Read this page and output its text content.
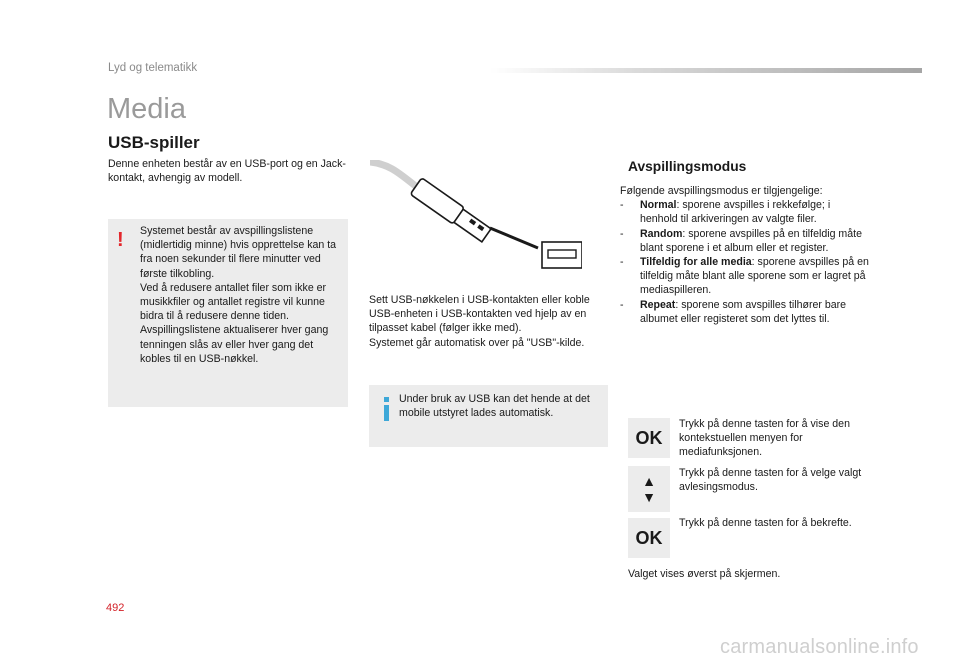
Lyd og telematikk
Media
USB-spiller
Denne enheten består av en USB-port og en Jack-kontakt, avhengig av modell.
! Systemet består av avspillingslistene (midlertidig minne) hvis opprettelse kan ta fra noen sekunder til flere minutter ved første tilkobling.
Ved å redusere antallet filer som ikke er musikkfiler og antallet registre vil kunne bidra til å redusere denne tiden.
Avspillingslistene aktualiserer hver gang tenningen slås av eller hver gang det kobles til en USB-nøkkel.
Sett USB-nøkkelen i USB-kontakten eller koble USB-enheten i USB-kontakten ved hjelp av en tilpasset kabel (følger ikke med).
Systemet går automatisk over på "USB"-kilde.
Under bruk av USB kan det hende at det mobile utstyret lades automatisk.
Avspillingsmodus
Følgende avspillingsmodus er tilgjengelige:
-	Normal: sporene avspilles i rekkefølge; i henhold til arkiveringen av valgte filer.
-	Random: sporene avspilles på en tilfeldig måte blant sporene i et album eller et register.
-	Tilfeldig for alle media: sporene avspilles på en tilfeldig måte blant alle sporene som er lagret på mediaspilleren.
-	Repeat: sporene som avspilles tilhører bare albumet eller registeret som det lyttes til.
OK
Trykk på denne tasten for å vise den kontekstuellen menyen for mediafunksjonen.
▲
▼
Trykk på denne tasten for å velge valgt avlesingsmodus.
OK
Trykk på denne tasten for å bekrefte.
Valget vises øverst på skjermen.
492
carmanualsonline.info
